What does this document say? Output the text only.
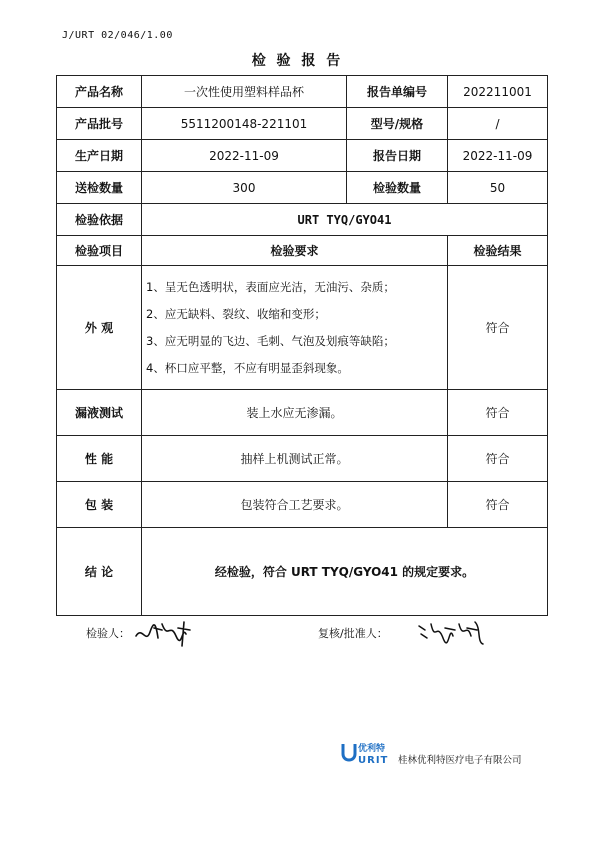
J/URT 02/046/1.00
检 验 报 告
产品名称	一次性使用塑料样品杯	报告单编号	202211001
产品批号	5511200148-221101	型号/规格	/
生产日期	2022-11-09	报告日期	2022-11-09
送检数量	300	检验数量	50
检验依据	URT TYQ/GYO41		
检验项目	检验要求		检验结果
外 观	1、呈无色透明状，表面应光洁，无油污、杂质；
2、应无缺料、裂纹、收缩和变形；
3、应无明显的飞边、毛刺、气泡及划痕等缺陷；
4、杯口应平整，不应有明显歪斜现象。		符合
漏液测试	装上水应无渗漏。		符合
性 能	抽样上机测试正常。		符合
包 装	包装符合工艺要求。		符合
结 论	经检验，符合 URT TYQ/GYO41 的规定要求。		
检验人：	复核/批准人：
优利特
URIT 桂林优利特医疗电子有限公司
